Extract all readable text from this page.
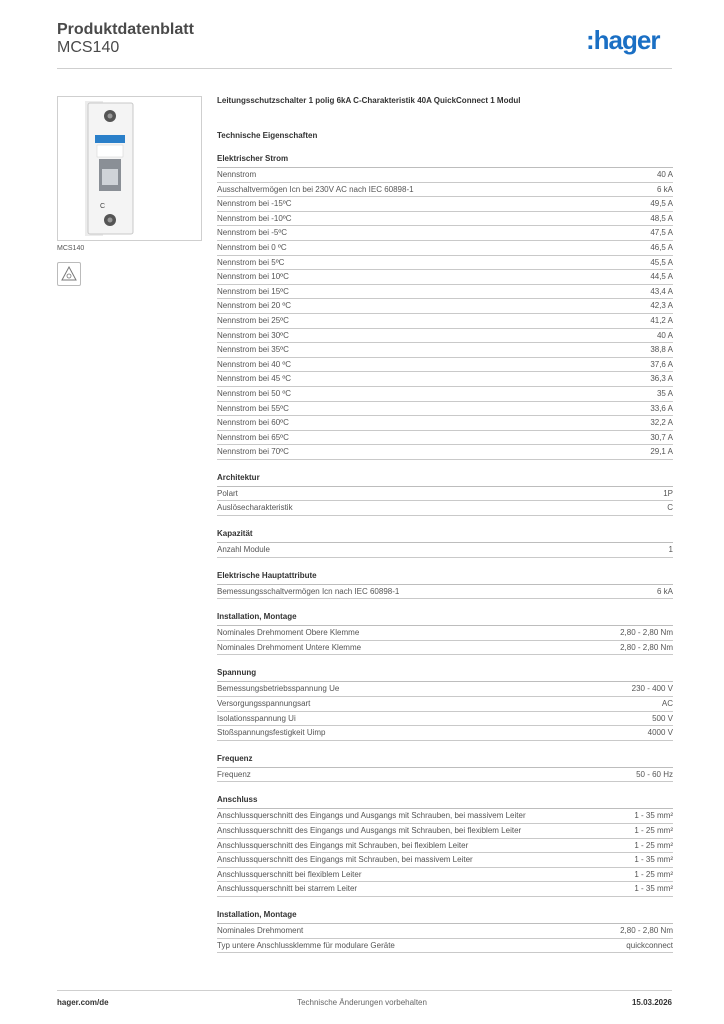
Produktdatenblatt
MCS140	:hager
C
MCS140
Leitungsschutzschalter 1 polig 6kA C-Charakteristik 40A QuickConnect 1 Modul
Technische Eigenschaften
Elektrischer Strom
Nennstrom	40 A
Ausschaltvermögen Icn bei 230V AC nach IEC 60898-1	6 kA
Nennstrom bei -15ºC	49,5 A
Nennstrom bei -10ºC	48,5 A
Nennstrom bei -5ºC	47,5 A
Nennstrom bei 0 ºC	46,5 A
Nennstrom bei 5ºC	45,5 A
Nennstrom bei 10ºC	44,5 A
Nennstrom bei 15ºC	43,4 A
Nennstrom bei 20 ºC	42,3 A
Nennstrom bei 25ºC	41,2 A
Nennstrom bei 30ºC	40 A
Nennstrom bei 35ºC	38,8 A
Nennstrom bei 40 ºC	37,6 A
Nennstrom bei 45 ºC	36,3 A
Nennstrom bei 50 ºC	35 A
Nennstrom bei 55ºC	33,6 A
Nennstrom bei 60ºC	32,2 A
Nennstrom bei 65ºC	30,7 A
Nennstrom bei 70ºC	29,1 A
Architektur
Polart	1P
Auslösecharakteristik	C
Kapazität
Anzahl Module	1
Elektrische Hauptattribute
Bemessungsschaltvermögen Icn nach IEC 60898-1	6 kA
Installation, Montage
Nominales Drehmoment Obere Klemme	2,80 - 2,80 Nm
Nominales Drehmoment Untere Klemme	2,80 - 2,80 Nm
Spannung
Bemessungsbetriebsspannung Ue	230 - 400 V
Versorgungsspannungsart	AC
Isolationsspannung Ui	500 V
Stoßspannungsfestigkeit Uimp	4000 V
Frequenz
Frequenz	50 - 60 Hz
Anschluss
Anschlussquerschnitt des Eingangs und Ausgangs mit Schrauben, bei massivem Leiter	1 - 35 mm²
Anschlussquerschnitt des Eingangs und Ausgangs mit Schrauben, bei flexiblem Leiter	1 - 25 mm²
Anschlussquerschnitt des Eingangs mit Schrauben, bei flexiblem Leiter	1 - 25 mm²
Anschlussquerschnitt des Eingangs mit Schrauben, bei massivem Leiter	1 - 35 mm²
Anschlussquerschnitt bei flexiblem Leiter	1 - 25 mm²
Anschlussquerschnitt bei starrem Leiter	1 - 35 mm²
Installation, Montage
Nominales Drehmoment	2,80 - 2,80 Nm
Typ untere Anschlussklemme für modulare Geräte	quickconnect
hager.com/de	Technische Änderungen vorbehalten	15.03.2026
